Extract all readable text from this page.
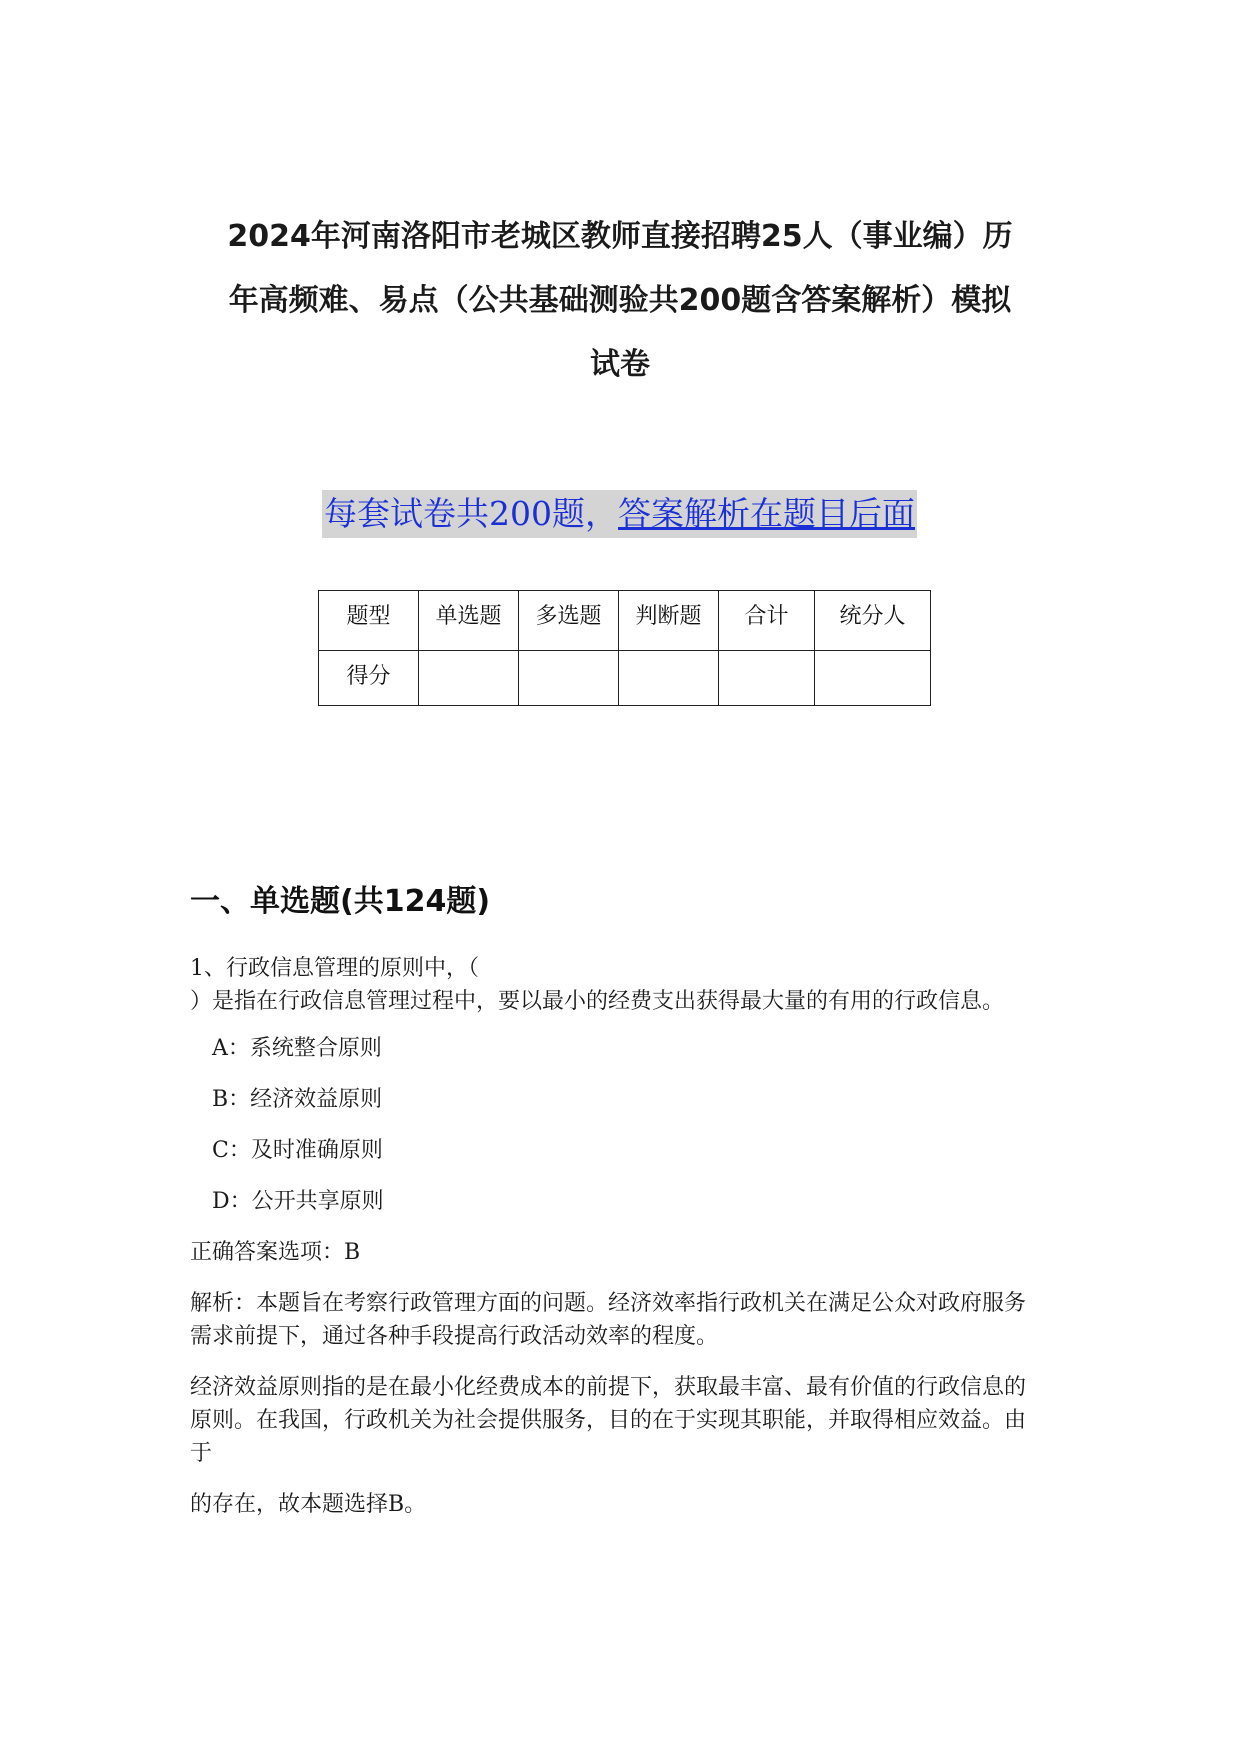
2024年河南洛阳市老城区教师直接招聘25人（事业编）历
年高频难、易点（公共基础测验共200题含答案解析）模拟
试卷
每套试卷共200题，答案解析在题目后面
题型	单选题	多选题	判断题	合计	统分人
得分					
一、单选题(共124题)

1、行政信息管理的原则中，（

）是指在行政信息管理过程中，要以最小的经费支出获得最大量的有用的行政信息。

A：系统整合原则

B：经济效益原则

C：及时准确原则

D：公开共享原则

正确答案选项：B

解析：本题旨在考察行政管理方面的问题。经济效率指行政机关在满足公众对政府服务需求前提下，通过各种手段提高行政活动效率的程度。

经济效益原则指的是在最小化经费成本的前提下，获取最丰富、最有价值的行政信息的原则。在我国，行政机关为社会提供服务，目的在于实现其职能，并取得相应效益。由于

的存在，故本题选择B。
